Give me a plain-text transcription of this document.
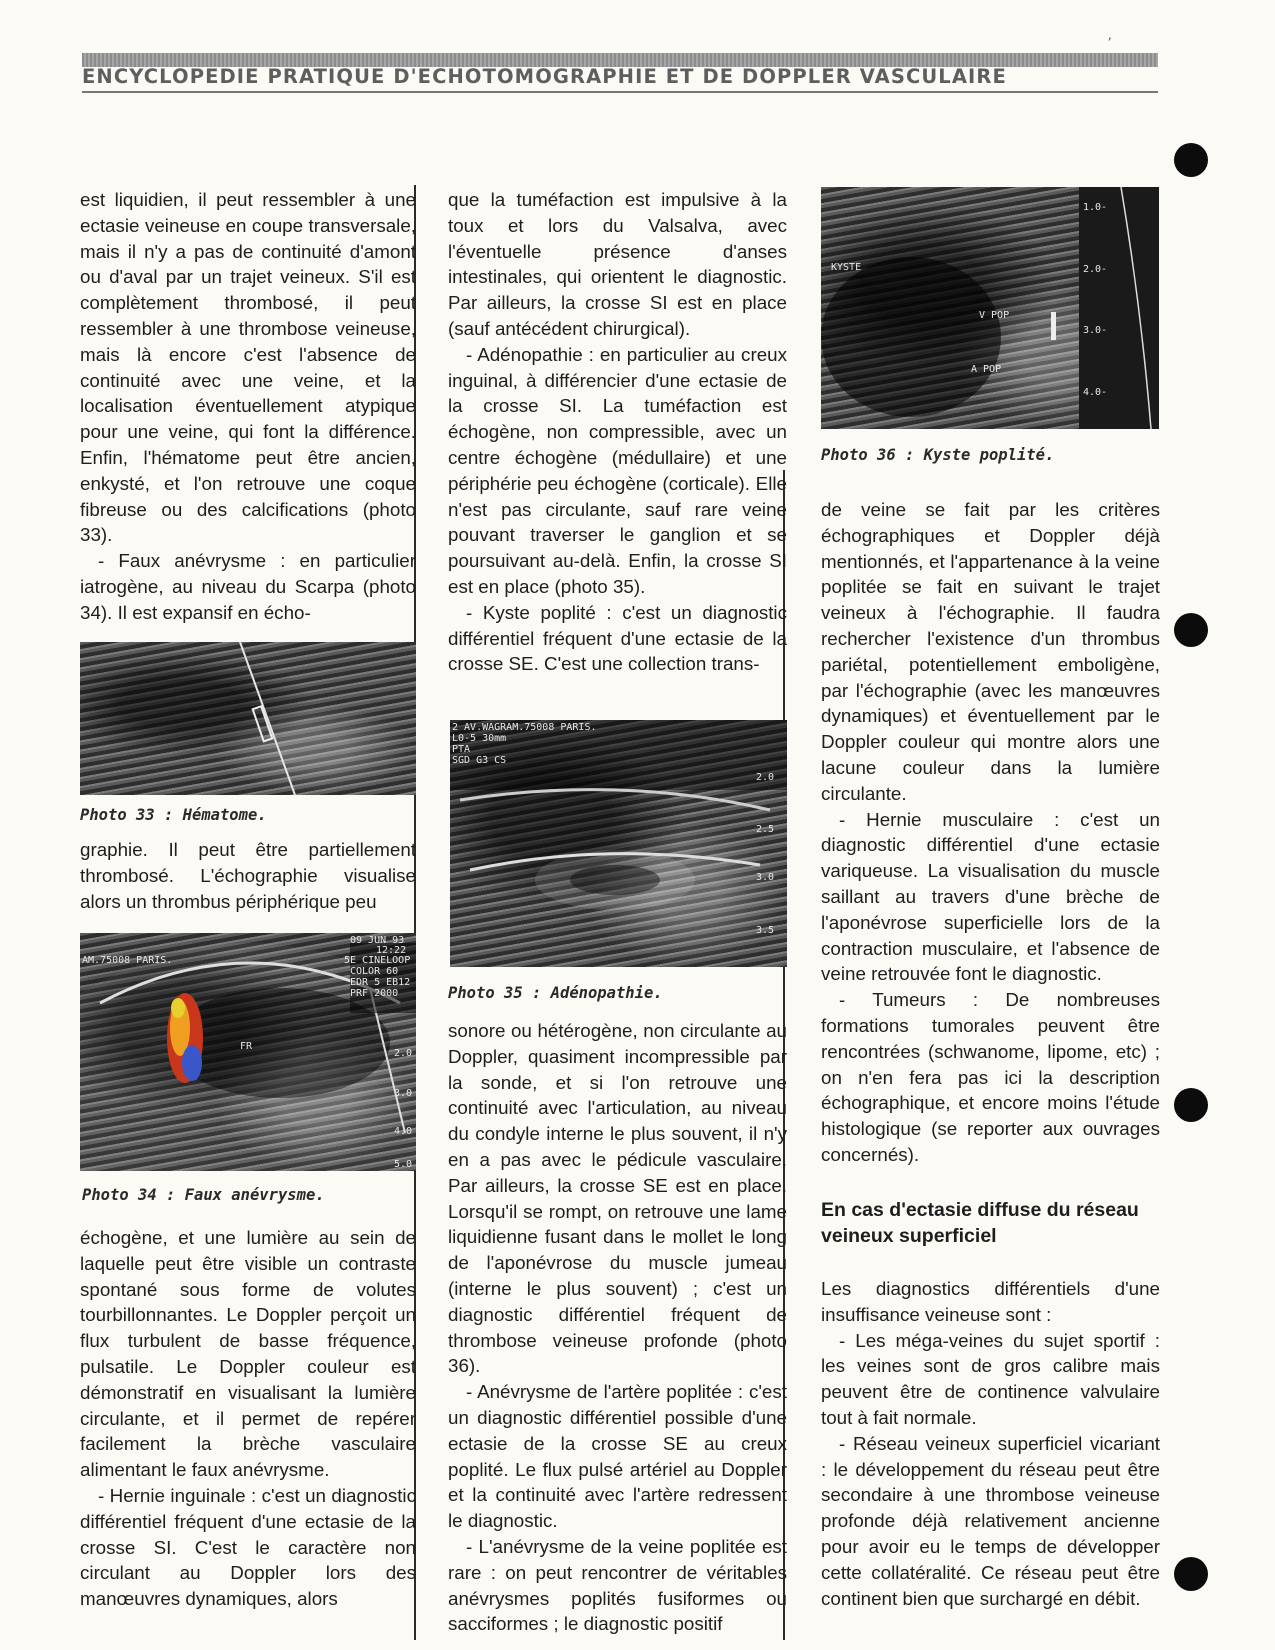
ENCYCLOPEDIE PRATIQUE D'ECHOTOMOGRAPHIE ET DE DOPPLER VASCULAIRE
’

est liquidien, il peut ressembler à une ectasie veineuse en coupe transversale, mais il n'y a pas de continuité d'amont ou d'aval par un trajet veineux. S'il est complètement thrombosé, il peut ressembler à une thrombose veineuse, mais là encore c'est l'absence de continuité avec une veine, et la localisation éventuellement atypique pour une veine, qui font la différence. Enfin, l'hématome peut être ancien, enkysté, et l'on retrouve une coque fibreuse ou des calcifications (photo 33).

- Faux anévrysme : en particulier iatrogène, au niveau du Scarpa (photo 34). Il est expansif en écho-

Photo 33 : Hématome.

graphie. Il peut être partiellement thrombosé. L'échographie visualise alors un thrombus périphérique peu

09 JUN 93
12:22
AM.75008 PARIS.	5E CINELOOP
COLOR 60
EDR 5 EB12
PRF 2000
FR
2.0
3.0
4.0
5.0
Photo 34 : Faux anévrysme.

échogène, et une lumière au sein de laquelle peut être visible un contraste spontané sous forme de volutes tourbillonnantes. Le Doppler perçoit un flux turbulent de basse fréquence, pulsatile. Le Doppler couleur est démonstratif en visualisant la lumière circulante, et il permet de repérer facilement la brèche vasculaire alimentant le faux anévrysme.

- Hernie inguinale : c'est un diagnostic différentiel fréquent d'une ectasie de la crosse SI. C'est le caractère non circulant au Doppler lors des manœuvres dynamiques, alors

que la tuméfaction est impulsive à la toux et lors du Valsalva, avec l'éventuelle présence d'anses intestinales, qui orientent le diagnostic. Par ailleurs, la crosse SI est en place (sauf antécédent chirurgical).

- Adénopathie : en particulier au creux inguinal, à différencier d'une ectasie de la crosse SI. La tuméfaction est échogène, non compressible, avec un centre échogène (médullaire) et une périphérie peu échogène (corticale). Elle n'est pas circulante, sauf rare veine pouvant traverser le ganglion et se poursuivant au-delà. Enfin, la crosse SI est en place (photo 35).

- Kyste poplité : c'est un diagnostic différentiel fréquent d'une ectasie de la crosse SE. C'est une collection trans-

2 AV.WAGRAM.75008 PARIS.
L0-5 30mm
PTA
SGD G3 CS
2.0
2.5
3.0
3.5
Photo 35 : Adénopathie.

sonore ou hétérogène, non circulante au Doppler, quasiment incompressible par la sonde, et si l'on retrouve une continuité avec l'articulation, au niveau du condyle interne le plus souvent, il n'y en a pas avec le pédicule vasculaire. Par ailleurs, la crosse SE est en place. Lorsqu'il se rompt, on retrouve une lame liquidienne fusant dans le mollet le long de l'aponévrose du muscle jumeau (interne le plus souvent) ; c'est un diagnostic différentiel fréquent de thrombose veineuse profonde (photo 36).

- Anévrysme de l'artère poplitée : c'est un diagnostic différentiel possible d'une ectasie de la crosse SE au creux poplité. Le flux pulsé artériel au Doppler et la continuité avec l'artère redressent le diagnostic.

- L'anévrysme de la veine poplitée est rare : on peut rencontrer de véritables anévrysmes poplités fusiformes ou sacciformes ; le diagnostic positif

KYSTE
V POP
A POP
1.0-
2.0-
3.0-
4.0-
Photo 36 : Kyste poplité.

de veine se fait par les critères échographiques et Doppler déjà mentionnés, et l'appartenance à la veine poplitée se fait en suivant le trajet veineux à l'échographie. Il faudra rechercher l'existence d'un thrombus pariétal, potentiellement emboligène, par l'échographie (avec les manœuvres dynamiques) et éventuellement par le Doppler couleur qui montre alors une lacune couleur dans la lumière circulante.

- Hernie musculaire : c'est un diagnostic différentiel d'une ectasie variqueuse. La visualisation du muscle saillant au travers d'une brèche de l'aponévrose superficielle lors de la contraction musculaire, et l'absence de veine retrouvée font le diagnostic.

- Tumeurs : De nombreuses formations tumorales peuvent être rencontrées (schwanome, lipome, etc) ; on n'en fera pas ici la description échographique, et encore moins l'étude histologique (se reporter aux ouvrages concernés).

En cas d'ectasie diffuse du réseau veineux superficiel

Les diagnostics différentiels d'une insuffisance veineuse sont :

- Les méga-veines du sujet sportif : les veines sont de gros calibre mais peuvent être de continence valvulaire tout à fait normale.

- Réseau veineux superficiel vicariant : le développement du réseau peut être secondaire à une thrombose veineuse profonde déjà relativement ancienne pour avoir eu le temps de développer cette collatéralité. Ce réseau peut être continent bien que surchargé en débit.
